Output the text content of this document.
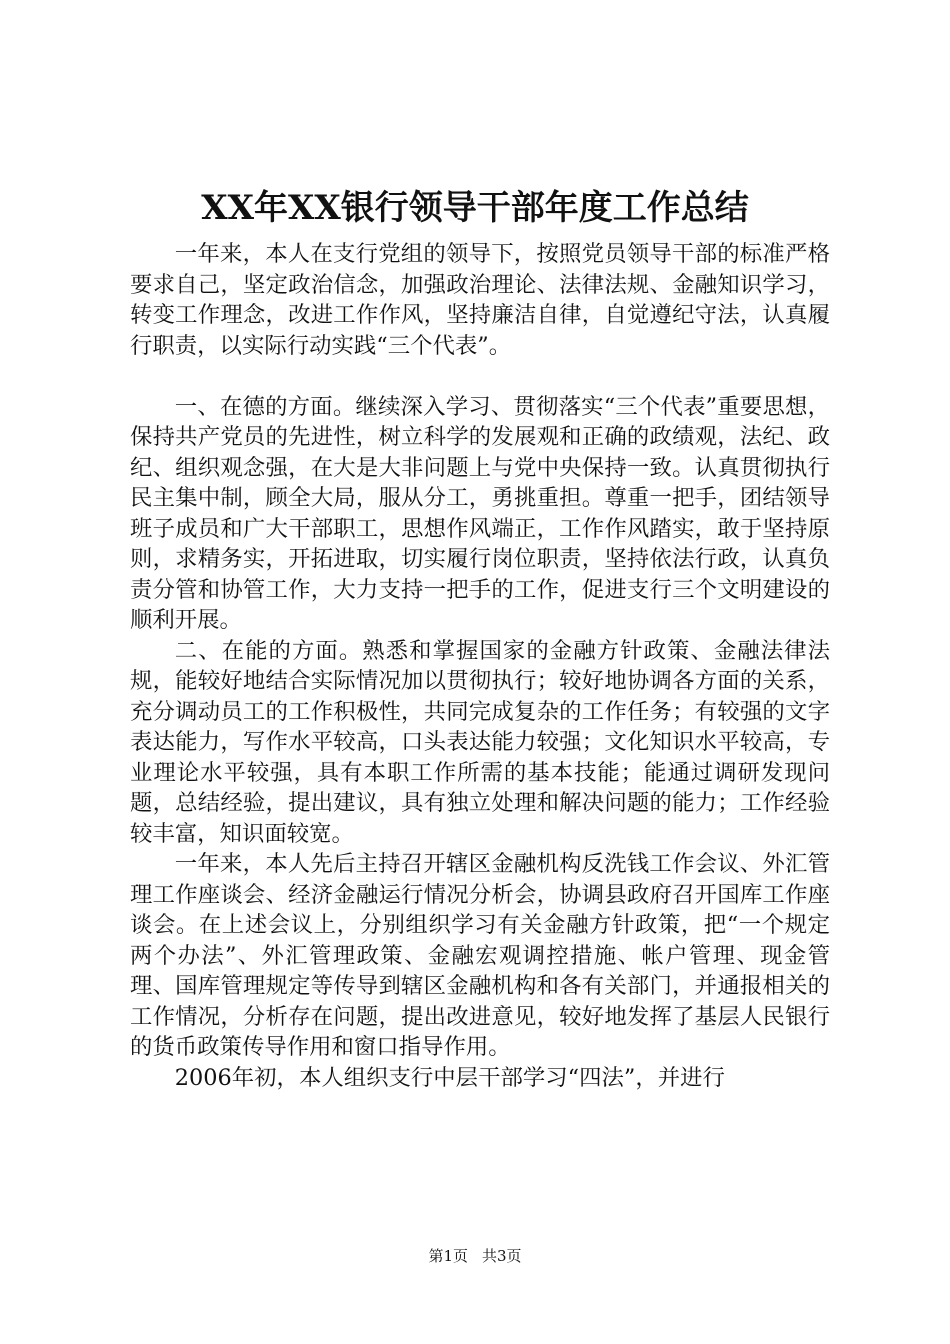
XX年XX银行领导干部年度工作总结

一年来，本人在支行党组的领导下，按照党员领导干部的标准严格要求自己，坚定政治信念，加强政治理论、法律法规、金融知识学习，转变工作理念，改进工作作风，坚持廉洁自律，自觉遵纪守法，认真履行职责，以实际行动实践“三个代表”。

一、在德的方面。继续深入学习、贯彻落实“三个代表”重要思想，保持共产党员的先进性，树立科学的发展观和正确的政绩观，法纪、政纪、组织观念强，在大是大非问题上与党中央保持一致。认真贯彻执行民主集中制，顾全大局，服从分工，勇挑重担。尊重一把手，团结领导班子成员和广大干部职工，思想作风端正，工作作风踏实，敢于坚持原则，求精务实，开拓进取，切实履行岗位职责，坚持依法行政，认真负责分管和协管工作，大力支持一把手的工作，促进支行三个文明建设的顺利开展。

二、在能的方面。熟悉和掌握国家的金融方针政策、金融法律法规，能较好地结合实际情况加以贯彻执行；较好地协调各方面的关系，充分调动员工的工作积极性，共同完成复杂的工作任务；有较强的文字表达能力，写作水平较高，口头表达能力较强；文化知识水平较高，专业理论水平较强，具有本职工作所需的基本技能；能通过调研发现问题，总结经验，提出建议，具有独立处理和解决问题的能力；工作经验较丰富，知识面较宽。

一年来，本人先后主持召开辖区金融机构反洗钱工作会议、外汇管理工作座谈会、经济金融运行情况分析会，协调县政府召开国库工作座谈会。在上述会议上，分别组织学习有关金融方针政策，把“一个规定两个办法”、外汇管理政策、金融宏观调控措施、帐户管理、现金管理、国库管理规定等传导到辖区金融机构和各有关部门，并通报相关的工作情况，分析存在问题，提出改进意见，较好地发挥了基层人民银行的货币政策传导作用和窗口指导作用。

2006年初，本人组织支行中层干部学习“四法”，并进行

第1页 共3页
